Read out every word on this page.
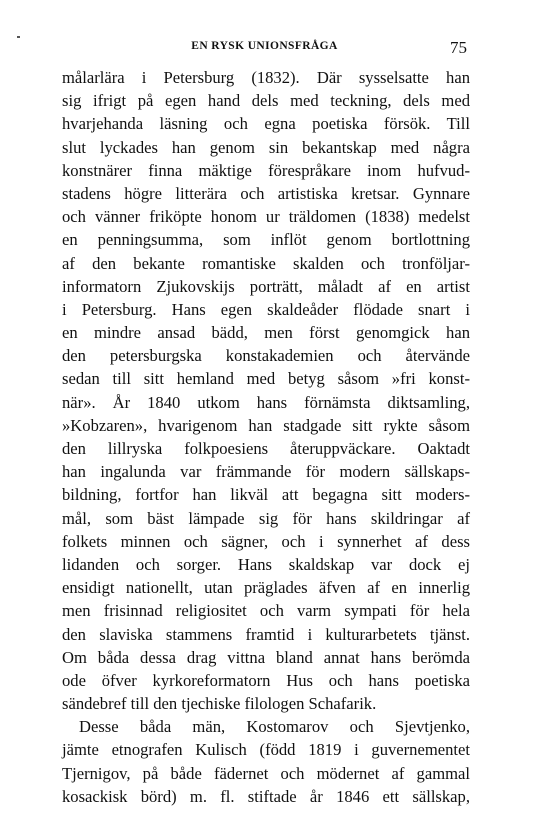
EN RYSK UNIONSFRÅGA	75
målarlära i Petersburg (1832). Där sysselsatte han
sig ifrigt på egen hand dels med teckning, dels med
hvarjehanda läsning och egna poetiska försök. Till
slut lyckades han genom sin bekantskap med några
konstnärer finna mäktige förespråkare inom hufvud-
stadens högre litterära och artistiska kretsar. Gynnare
och vänner friköpte honom ur träldomen (1838) medelst
en penningsumma, som inflöt genom bortlottning
af den bekante romantiske skalden och tronföljar-
informatorn Zjukovskijs porträtt, måladt af en artist
i Petersburg. Hans egen skaldeåder flödade snart i
en mindre ansad bädd, men först genomgick han
den petersburgska konstakademien och återvände
sedan till sitt hemland med betyg såsom »fri konst-
när». År 1840 utkom hans förnämsta diktsamling,
»Kobzaren», hvarigenom han stadgade sitt rykte såsom
den lillryska folkpoesiens återuppväckare. Oaktadt
han ingalunda var främmande för modern sällskaps-
bildning, fortfor han likväl att begagna sitt moders-
mål, som bäst lämpade sig för hans skildringar af
folkets minnen och sägner, och i synnerhet af dess
lidanden och sorger. Hans skaldskap var dock ej
ensidigt nationellt, utan präglades äfven af en innerlig
men frisinnad religiositet och varm sympati för hela
den slaviska stammens framtid i kulturarbetets tjänst.
Om båda dessa drag vittna bland annat hans berömda
ode öfver kyrkoreformatorn Hus och hans poetiska
sändebref till den tjechiske filologen Schafarik.
Desse båda män, Kostomarov och Sjevtjenko,
jämte etnografen Kulisch (född 1819 i guvernementet
Tjernigov, på både fädernet och mödernet af gammal
kosackisk börd) m. fl. stiftade år 1846 ett sällskap,
